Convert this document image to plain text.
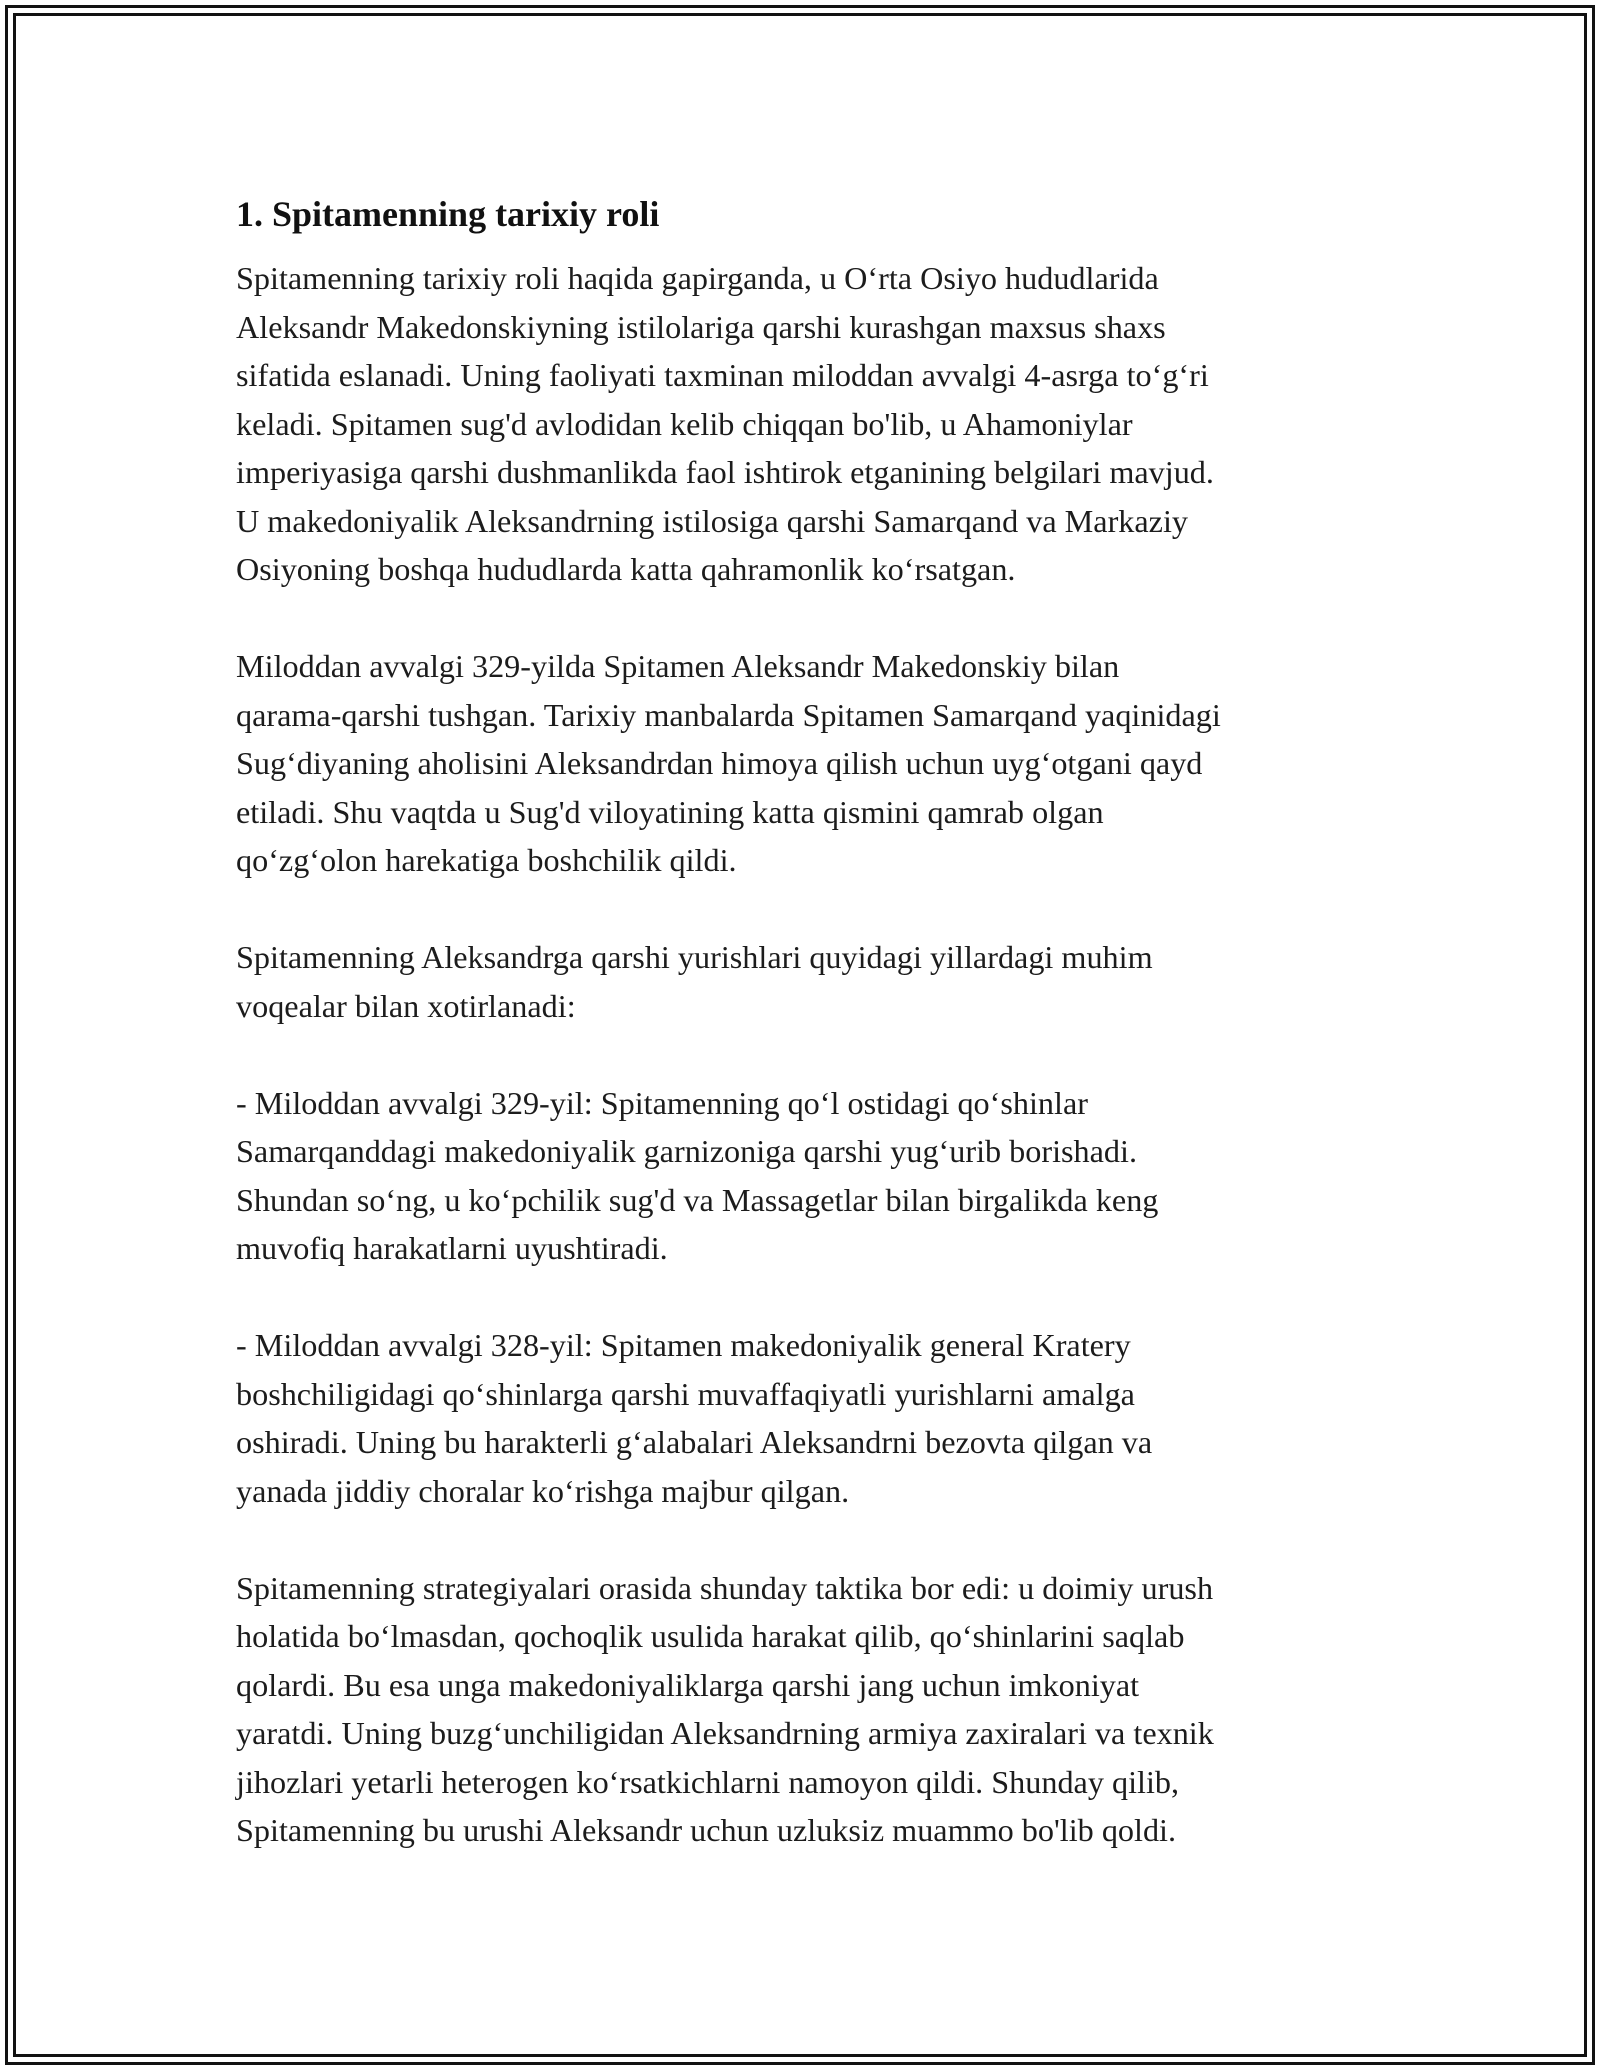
1. Spitamenning tarixiy roli

Spitamenning tarixiy roli haqida gapirganda, u O‘rta Osiyo hududlarida
Aleksandr Makedonskiyning istilolariga qarshi kurashgan maxsus shaxs
sifatida eslanadi. Uning faoliyati taxminan miloddan avvalgi 4-asrga to‘g‘ri
keladi. Spitamen sug'd avlodidan kelib chiqqan bo'lib, u Ahamoniylar
imperiyasiga qarshi dushmanlikda faol ishtirok etganining belgilari mavjud.
U makedoniyalik Aleksandrning istilosiga qarshi Samarqand va Markaziy
Osiyoning boshqa hududlarda katta qahramonlik ko‘rsatgan.

Miloddan avvalgi 329-yilda Spitamen Aleksandr Makedonskiy bilan
qarama-qarshi tushgan. Tarixiy manbalarda Spitamen Samarqand yaqinidagi
Sug‘diyaning aholisini Aleksandrdan himoya qilish uchun uyg‘otgani qayd
etiladi. Shu vaqtda u Sug'd viloyatining katta qismini qamrab olgan
qo‘zg‘olon harekatiga boshchilik qildi.

Spitamenning Aleksandrga qarshi yurishlari quyidagi yillardagi muhim
voqealar bilan xotirlanadi:

- Miloddan avvalgi 329-yil: Spitamenning qo‘l ostidagi qo‘shinlar
Samarqanddagi makedoniyalik garnizoniga qarshi yug‘urib borishadi.
Shundan so‘ng, u ko‘pchilik sug'd va Massagetlar bilan birgalikda keng
muvofiq harakatlarni uyushtiradi.

- Miloddan avvalgi 328-yil: Spitamen makedoniyalik general Kratery
boshchiligidagi qo‘shinlarga qarshi muvaffaqiyatli yurishlarni amalga
oshiradi. Uning bu harakterli g‘alabalari Aleksandrni bezovta qilgan va
yanada jiddiy choralar ko‘rishga majbur qilgan.

Spitamenning strategiyalari orasida shunday taktika bor edi: u doimiy urush
holatida bo‘lmasdan, qochoqlik usulida harakat qilib, qo‘shinlarini saqlab
qolardi. Bu esa unga makedoniyaliklarga qarshi jang uchun imkoniyat
yaratdi. Uning buzg‘unchiligidan Aleksandrning armiya zaxiralari va texnik
jihozlari yetarli heterogen ko‘rsatkichlarni namoyon qildi. Shunday qilib,
Spitamenning bu urushi Aleksandr uchun uzluksiz muammo bo'lib qoldi.
